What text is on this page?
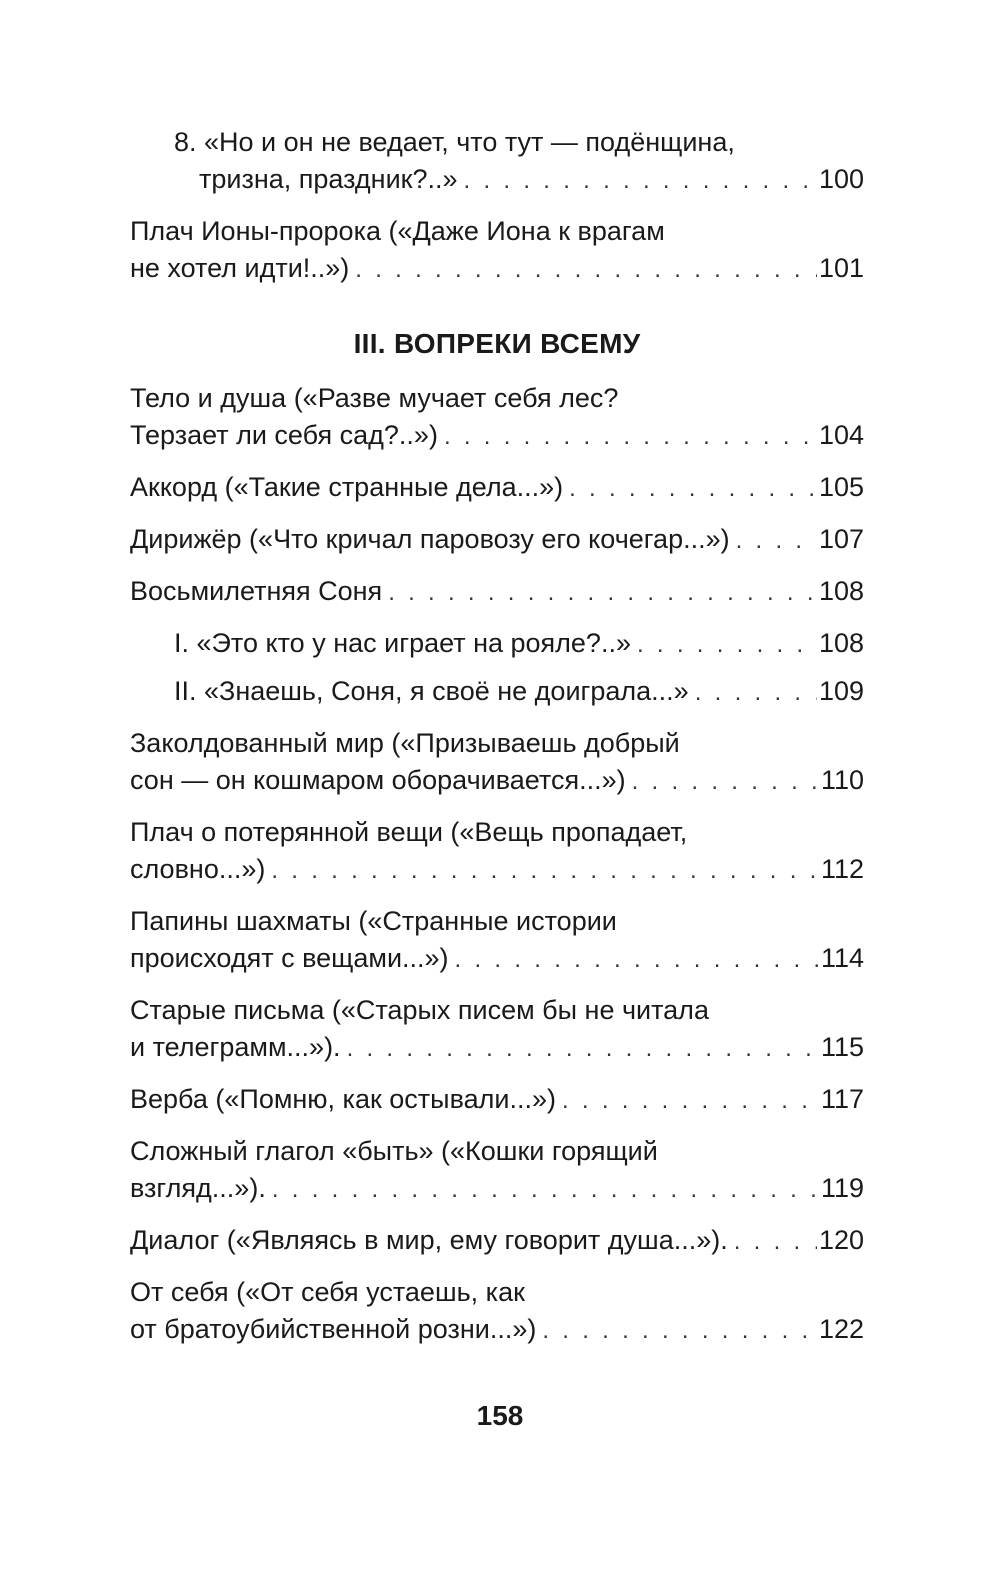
8. «Но и он не ведает, что тут — подёнщина,
тризна, праздник?..» . . .	100
Плач Ионы-пророка («Даже Иона к врагам
не хотел идти!..») . . .	101
III. ВОПРЕКИ ВСЕМУ
Тело и душа («Разве мучает себя лес?
Терзает ли себя сад?..») . . .	104
Аккорд («Такие странные дела...») . . .	105
Дирижёр («Что кричал паровозу его кочегар...») . . .	107
Восьмилетняя Соня . . .	108
I. «Это кто у нас играет на рояле?..» . . .	108
II. «Знаешь, Соня, я своё не доиграла...» . . .	109
Заколдованный мир («Призываешь добрый
сон — он кошмаром оборачивается...») . . .	110
Плач о потерянной вещи («Вещь пропадает,
словно...») . . .	112
Папины шахматы («Странные истории
происходят с вещами...») . . .	114
Старые письма («Старых писем бы не читала
и телеграмм...»). . . .	115
Верба («Помню, как остывали...») . . .	117
Сложный глагол «быть» («Кошки горящий
взгляд...»). . . .	119
Диалог («Являясь в мир, ему говорит душа...»). . . .	120
От себя («От себя устаешь, как
от братоубийственной розни...») . . .	122
158
